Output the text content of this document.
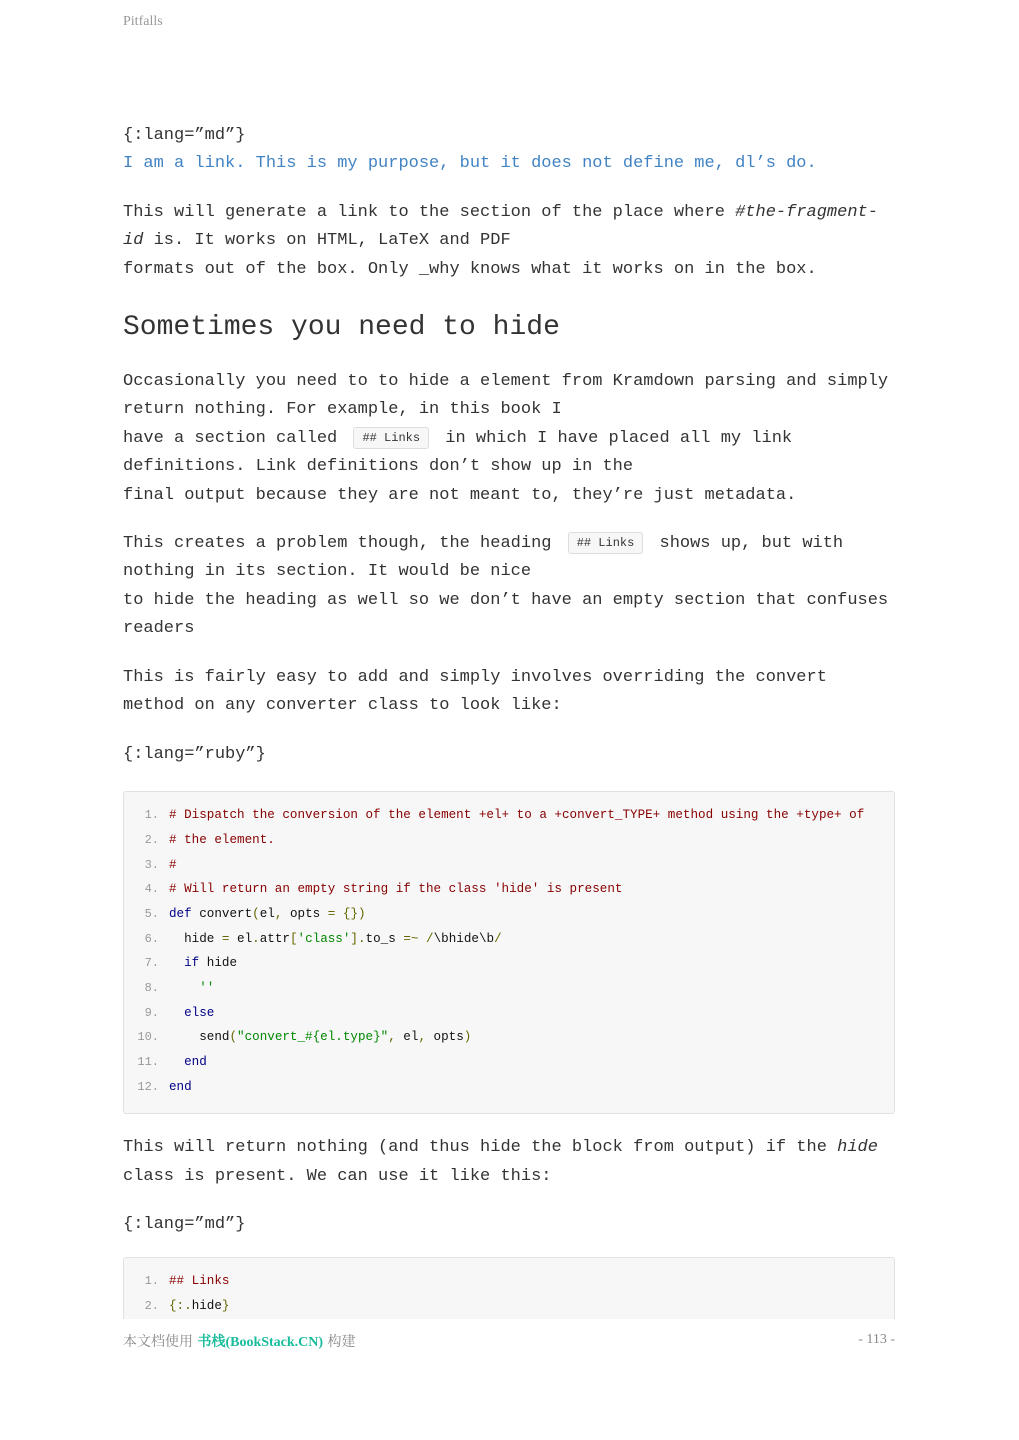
Pitfalls
{:lang=”md”}
I am a link. This is my purpose, but it does not define me, dl’s do.
This will generate a link to the section of the place where #the-fragment-id is. It works on HTML, LaTeX and PDF
formats out of the box. Only _why knows what it works on in the box.
Sometimes you need to hide
Occasionally you need to to hide a element from Kramdown parsing and simply return nothing. For example, in this book I
have a section called ## Links in which I have placed all my link definitions. Link definitions don’t show up in the
final output because they are not meant to, they’re just metadata.
This creates a problem though, the heading ## Links shows up, but with nothing in its section. It would be nice
to hide the heading as well so we don’t have an empty section that confuses readers
This is fairly easy to add and simply involves overriding the convert method on any converter class to look like:
{:lang=”ruby”}
1. # Dispatch the conversion of the element +el+ to a +convert_TYPE+ method using the +type+ of
2. # the element.
3. #
4. # Will return an empty string if the class 'hide' is present
5. def convert ( el , opts = {})
6. hide = el . attr [ 'class' ]. to_s =~
/ \bhide\b /
7. if hide
8. ''
9. else
10. send ( "convert_#{el.type}" , el , opts )
11. end
12. end
This will return nothing (and thus hide the block from output) if the hide class is present. We can use it like this:
{:lang=”md”}
1. ## Links
2. {:. hide }
本文档使用 书栈(BookStack.CN) 构建	- 113 -
